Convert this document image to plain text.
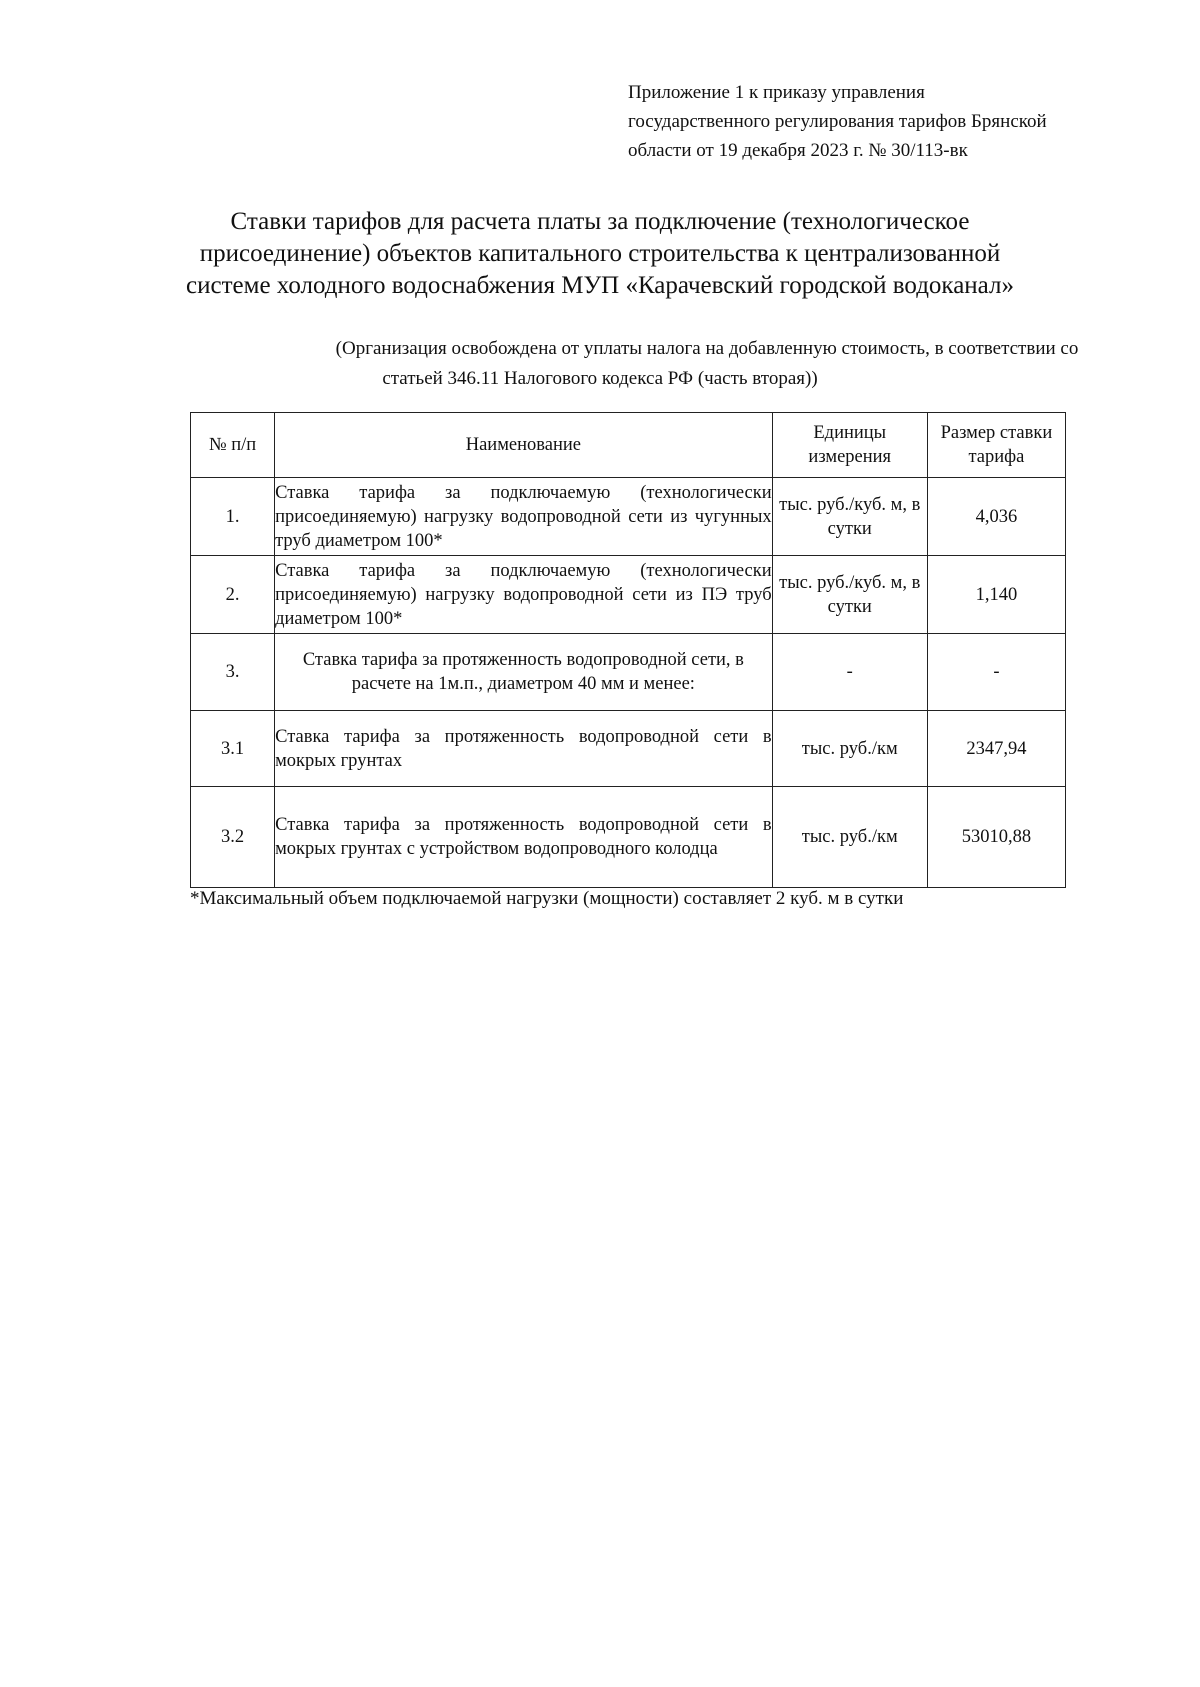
Приложение 1 к приказу управления
государственного регулирования тарифов Брянской
области от 19 декабря 2023 г. № 30/113-вк
Ставки тарифов для расчета платы за подключение (технологическое
присоединение) объектов капитального строительства к централизованной
системе холодного водоснабжения МУП «Карачевский городской водоканал»
(Организация освобождена от уплаты налога на добавленную стоимость, в соответствии со
статьей 346.11 Налогового кодекса РФ (часть вторая))
№ п/п	Наименование	Единицы измерения	Размер ставки тарифа
1.	Ставка тарифа за подключаемую (технологически присоединяемую) нагрузку водопроводной сети из чугунных труб диаметром 100*	тыс. руб./куб. м, в сутки	4,036
2.	Ставка тарифа за подключаемую (технологически присоединяемую) нагрузку водопроводной сети из ПЭ труб диаметром 100*	тыс. руб./куб. м, в сутки	1,140
3.	Ставка тарифа за протяженность водопроводной сети, в расчете на 1м.п., диаметром 40 мм и менее:	-	-
3.1	Ставка тарифа за протяженность водопроводной сети в мокрых грунтах	тыс. руб./км	2347,94
3.2	Ставка тарифа за протяженность водопроводной сети в мокрых грунтах с устройством водопроводного колодца	тыс. руб./км	53010,88
*Максимальный объем подключаемой нагрузки (мощности) составляет 2 куб. м в сутки
